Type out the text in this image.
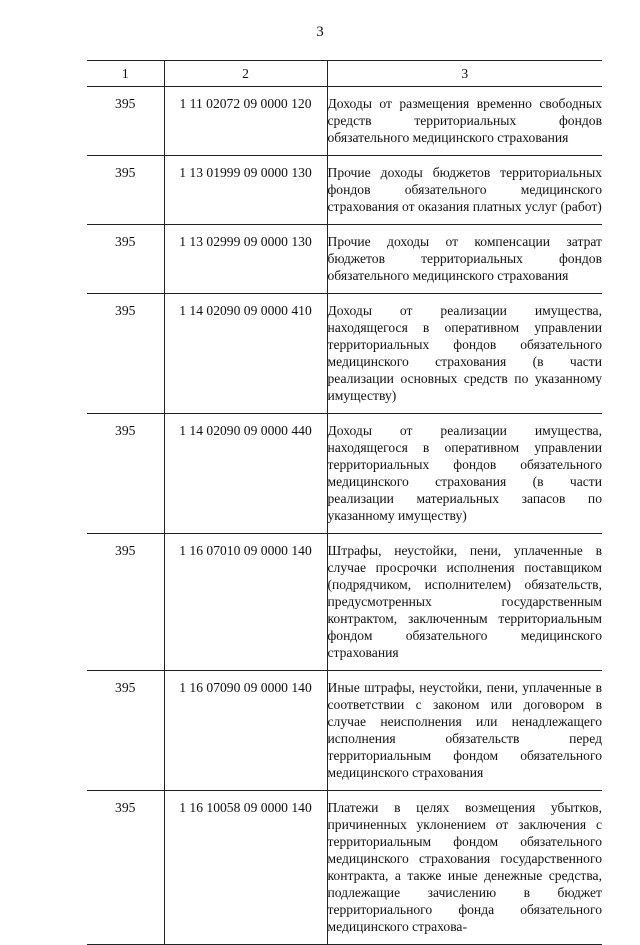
3
1	2	3
395	1 11 02072 09 0000 120	Доходы от размещения временно свободных средств территориальных фондов обязательного медицинского страхования
395	1 13 01999 09 0000 130	Прочие доходы бюджетов территориальных фондов обязательного медицинского страхования от оказания платных услуг (работ)
395	1 13 02999 09 0000 130	Прочие доходы от компенсации затрат бюджетов территориальных фондов обязательного медицинского страхования
395	1 14 02090 09 0000 410	Доходы от реализации имущества, находящегося в оперативном управлении территориальных фондов обязательного медицинского страхования (в части реализации основных средств по указанному имуществу)
395	1 14 02090 09 0000 440	Доходы от реализации имущества, находящегося в оперативном управлении территориальных фондов обязательного медицинского страхования (в части реализации материальных запасов по указанному имуществу)
395	1 16 07010 09 0000 140	Штрафы, неустойки, пени, уплаченные в случае просрочки исполнения поставщиком (подрядчиком, исполнителем) обязательств, предусмотренных государственным контрактом, заключенным территориальным фондом обязательного медицинского страхования
395	1 16 07090 09 0000 140	Иные штрафы, неустойки, пени, уплаченные в соответствии с законом или договором в случае неисполнения или ненадлежащего исполнения обязательств перед территориальным фондом обязательного медицинского страхования
395	1 16 10058 09 0000 140	Платежи в целях возмещения убытков, причиненных уклонением от заключения с территориальным фондом обязательного медицинского страхования государственного контракта, а также иные денежные средства, подлежащие зачислению в бюджет территориального фонда обязательного медицинского страхова-
